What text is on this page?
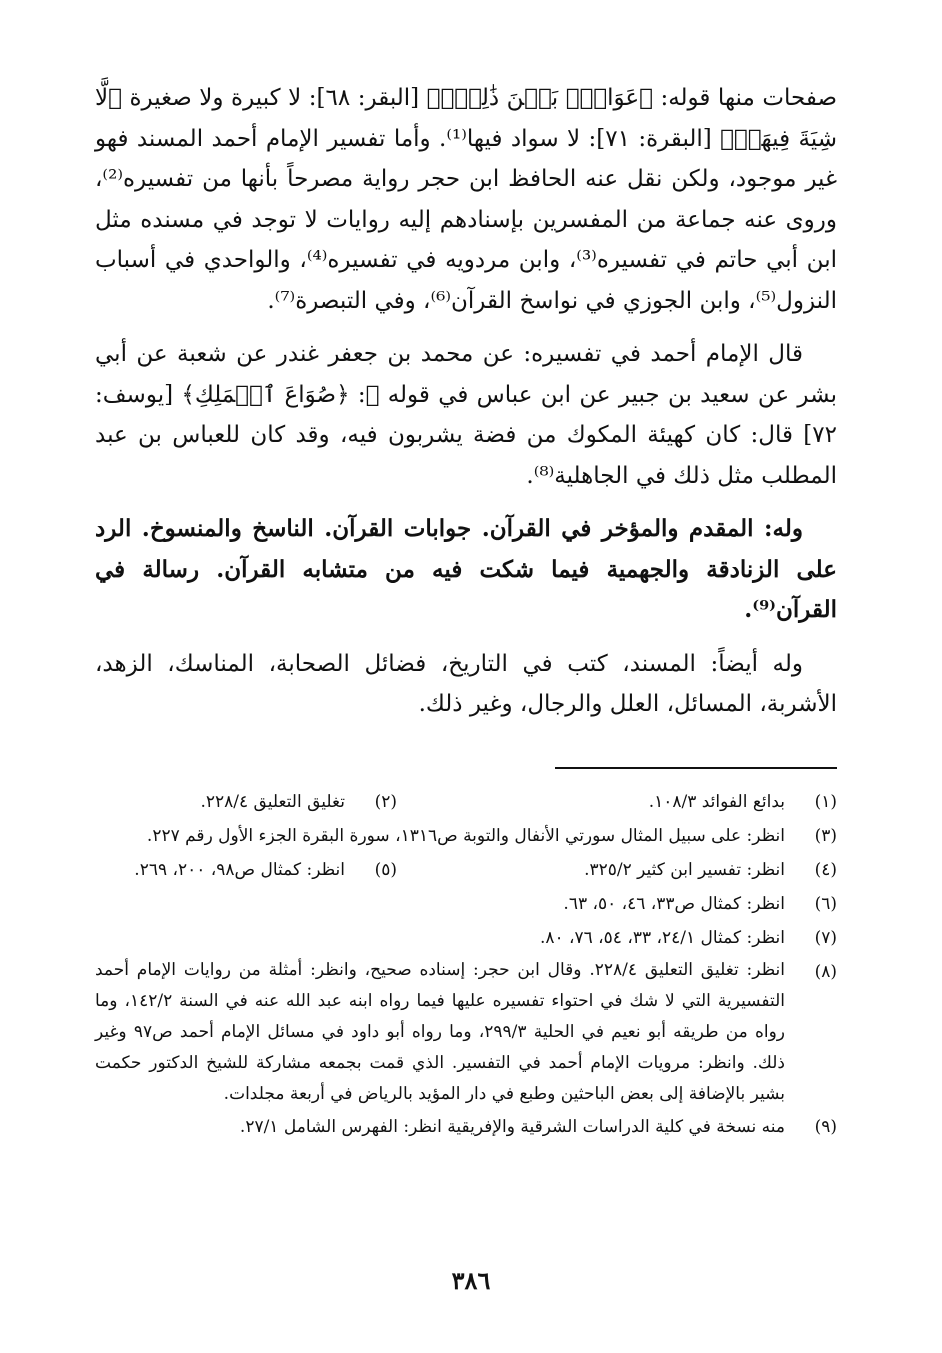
صفحات منها قوله: ﴿عَوَانُۢ بَيۡنَ ذَٰلِكَۖ﴾ [البقر: ٦٨]: لا كبيرة ولا صغيرة ﴿لَّا شِيَةَ فِيهَاۚ﴾ [البقرة: ٧١]: لا سواد فيها⁽¹⁾. وأما تفسير الإمام أحمد المسند فهو غير موجود، ولكن نقل عنه الحافظ ابن حجر رواية مصرحاً بأنها من تفسيره⁽²⁾، وروى عنه جماعة من المفسرين بإسنادهم إليه روايات لا توجد في مسنده مثل ابن أبي حاتم في تفسيره⁽³⁾، وابن مردويه في تفسيره⁽⁴⁾، والواحدي في أسباب النزول⁽⁵⁾، وابن الجوزي في نواسخ القرآن⁽⁶⁾، وفي التبصرة⁽⁷⁾.

قال الإمام أحمد في تفسيره: عن محمد بن جعفر غندر عن شعبة عن أبي بشر عن سعيد بن جبير عن ابن عباس في قوله ﷻ: ﴿صُوَاعَ ٱلۡمَلِكِ﴾ [يوسف: ٧٢] قال: كان كهيئة المكوك من فضة يشربون فيه، وقد كان للعباس بن عبد المطلب مثل ذلك في الجاهلية⁽⁸⁾.

وله: المقدم والمؤخر في القرآن. جوابات القرآن. الناسخ والمنسوخ. الرد على الزنادقة والجهمية فيما شكت فيه من متشابه القرآن. رسالة في القرآن⁽⁹⁾.

وله أيضاً: المسند، كتب في التاريخ، فضائل الصحابة، المناسك، الزهد، الأشربة، المسائل، العلل والرجال، وغير ذلك.

(١)
بدائع الفوائد ١٠٨/٣.
(٢)
تغليق التعليق ٢٢٨/٤.
(٣)
انظر: على سبيل المثال سورتي الأنفال والتوبة ص١٣١٦، سورة البقرة الجزء الأول رقم ٢٢٧.
(٤)
انظر: تفسير ابن كثير ٣٢٥/٢.
(٥)
انظر: كمثال ص٩٨، ٢٠٠، ٢٦٩.
(٦)
انظر: كمثال ص٣٣، ٤٦، ٥٠، ٦٣.
(٧)
انظر: كمثال ٢٤/١، ٣٣، ٥٤، ٧٦، ٨٠.
(٨)
انظر: تغليق التعليق ٢٢٨/٤. وقال ابن حجر: إسناده صحيح، وانظر: أمثلة من روايات الإمام أحمد التفسيرية التي لا شك في احتواء تفسيره عليها فيما رواه ابنه عبد الله عنه في السنة ١٤٢/٢، وما رواه من طريقه أبو نعيم في الحلية ٢٩٩/٣، وما رواه أبو داود في مسائل الإمام أحمد ص٩٧ وغير ذلك. وانظر: مرويات الإمام أحمد في التفسير. الذي قمت بجمعه مشاركة للشيخ الدكتور حكمت بشير بالإضافة إلى بعض الباحثين وطبع في دار المؤيد بالرياض في أربعة مجلدات.
(٩)
منه نسخة في كلية الدراسات الشرقية والإفريقية انظر: الفهرس الشامل ٢٧/١.
٣٨٦
